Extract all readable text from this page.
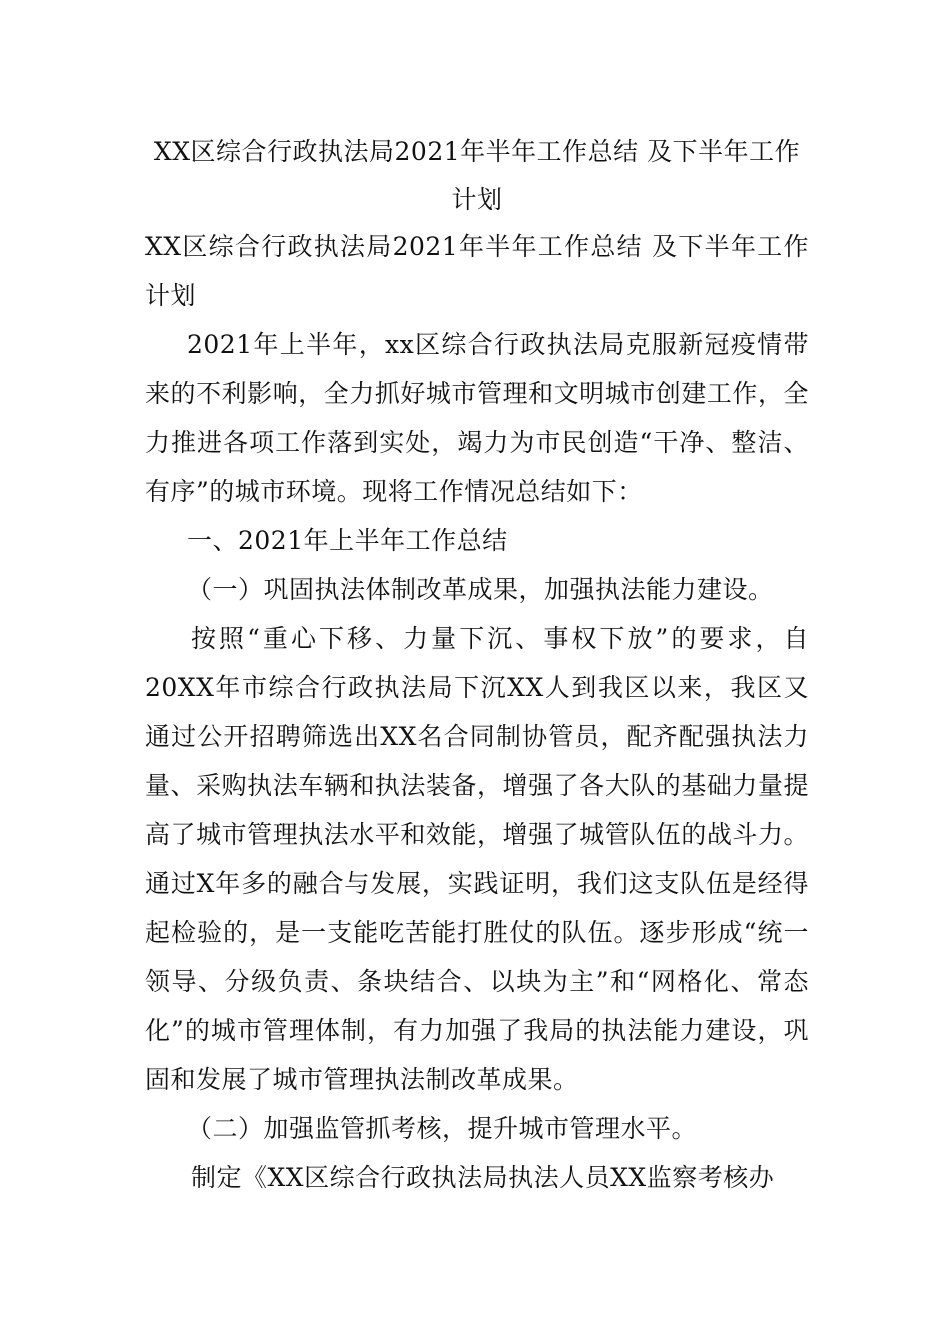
XX区综合行政执法局2021年半年工作总结 及下半年工作计划

XX区综合行政执法局2021年半年工作总结 及下半年工作计划

2021年上半年，xx区综合行政执法局克服新冠疫情带来的不利影响，全力抓好城市管理和文明城市创建工作，全力推进各项工作落到实处，竭力为市民创造“干净、整洁、有序”的城市环境。现将工作情况总结如下：

一、2021年上半年工作总结

（一）巩固执法体制改革成果，加强执法能力建设。

按照“重心下移、力量下沉、事权下放”的要求，自20XX年市综合行政执法局下沉XX人到我区以来，我区又通过公开招聘筛选出XX名合同制协管员，配齐配强执法力量、采购执法车辆和执法装备，增强了各大队的基础力量提高了城市管理执法水平和效能，增强了城管队伍的战斗力。通过X年多的融合与发展，实践证明，我们这支队伍是经得起检验的，是一支能吃苦能打胜仗的队伍。逐步形成“统一领导、分级负责、条块结合、以块为主”和“网格化、常态化”的城市管理体制，有力加强了我局的执法能力建设，巩固和发展了城市管理执法制改革成果。

（二）加强监管抓考核，提升城市管理水平。

制定《XX区综合行政执法局执法人员XX监察考核办
